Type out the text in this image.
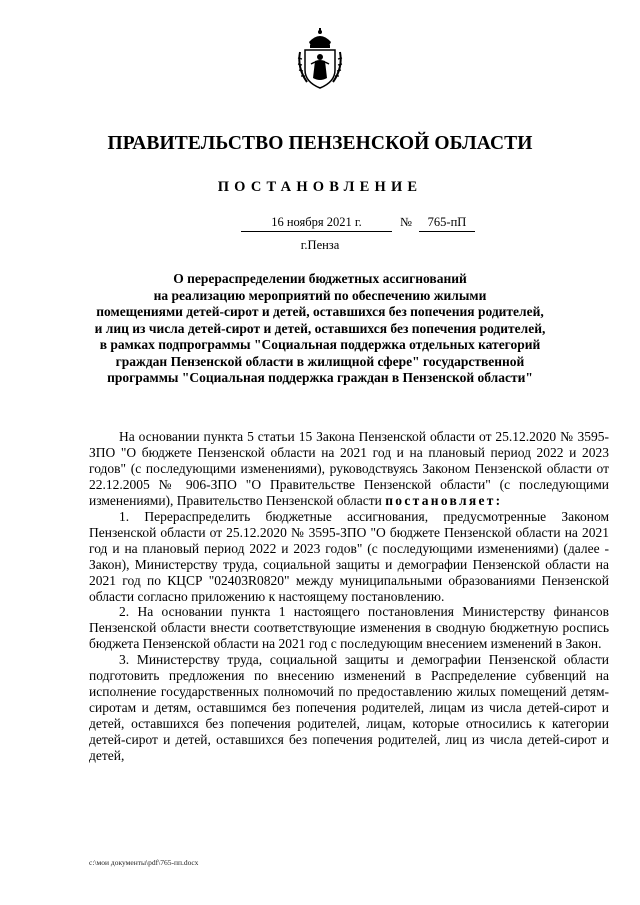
ПРАВИТЕЛЬСТВО ПЕНЗЕНСКОЙ ОБЛАСТИ
ПОСТАНОВЛЕНИЕ
16 ноября 2021 г.	№	765-пП
г.Пенза
О перераспределении бюджетных ассигнований
на реализацию мероприятий по обеспечению жилыми
помещениями детей-сирот и детей, оставшихся без попечения родителей,
и лиц из числа детей-сирот и детей, оставшихся без попечения родителей,
в рамках подпрограммы "Социальная поддержка отдельных категорий
граждан Пензенской области в жилищной сфере" государственной
программы "Социальная поддержка граждан в Пензенской области"

На основании пункта 5 статьи 15 Закона Пензенской области от 25.12.2020 № 3595-ЗПО "О бюджете Пензенской области на 2021 год и на плановый период 2022 и 2023 годов" (с последующими изменениями), руководствуясь Законом Пензенской области от 22.12.2005 № 906-ЗПО "О Правительстве Пензенской области" (с последующими изменениями), Правительство Пензенской области постановляет:

1. Перераспределить бюджетные ассигнования, предусмотренные Законом Пензенской области от 25.12.2020 № 3595-ЗПО "О бюджете Пензенской области на 2021 год и на плановый период 2022 и 2023 годов" (с последующими изменениями) (далее - Закон), Министерству труда, социальной защиты и демографии Пензенской области на 2021 год по КЦСР "02403R0820" между муниципальными образованиями Пензенской области согласно приложению к настоящему постановлению.

2. На основании пункта 1 настоящего постановления Министерству финансов Пензенской области внести соответствующие изменения в сводную бюджетную роспись бюджета Пензенской области на 2021 год с последующим внесением изменений в Закон.

3. Министерству труда, социальной защиты и демографии Пензенской области подготовить предложения по внесению изменений в Распределение субвенций на исполнение государственных полномочий по предоставлению жилых помещений детям-сиротам и детям, оставшимся без попечения родителей, лицам из числа детей-сирот и детей, оставшихся без попечения родителей, лицам, которые относились к категории детей-сирот и детей, оставшихся без попечения родителей, лиц из числа детей-сирот и детей,

c:\мои документы\pdf\765-пп.docx
